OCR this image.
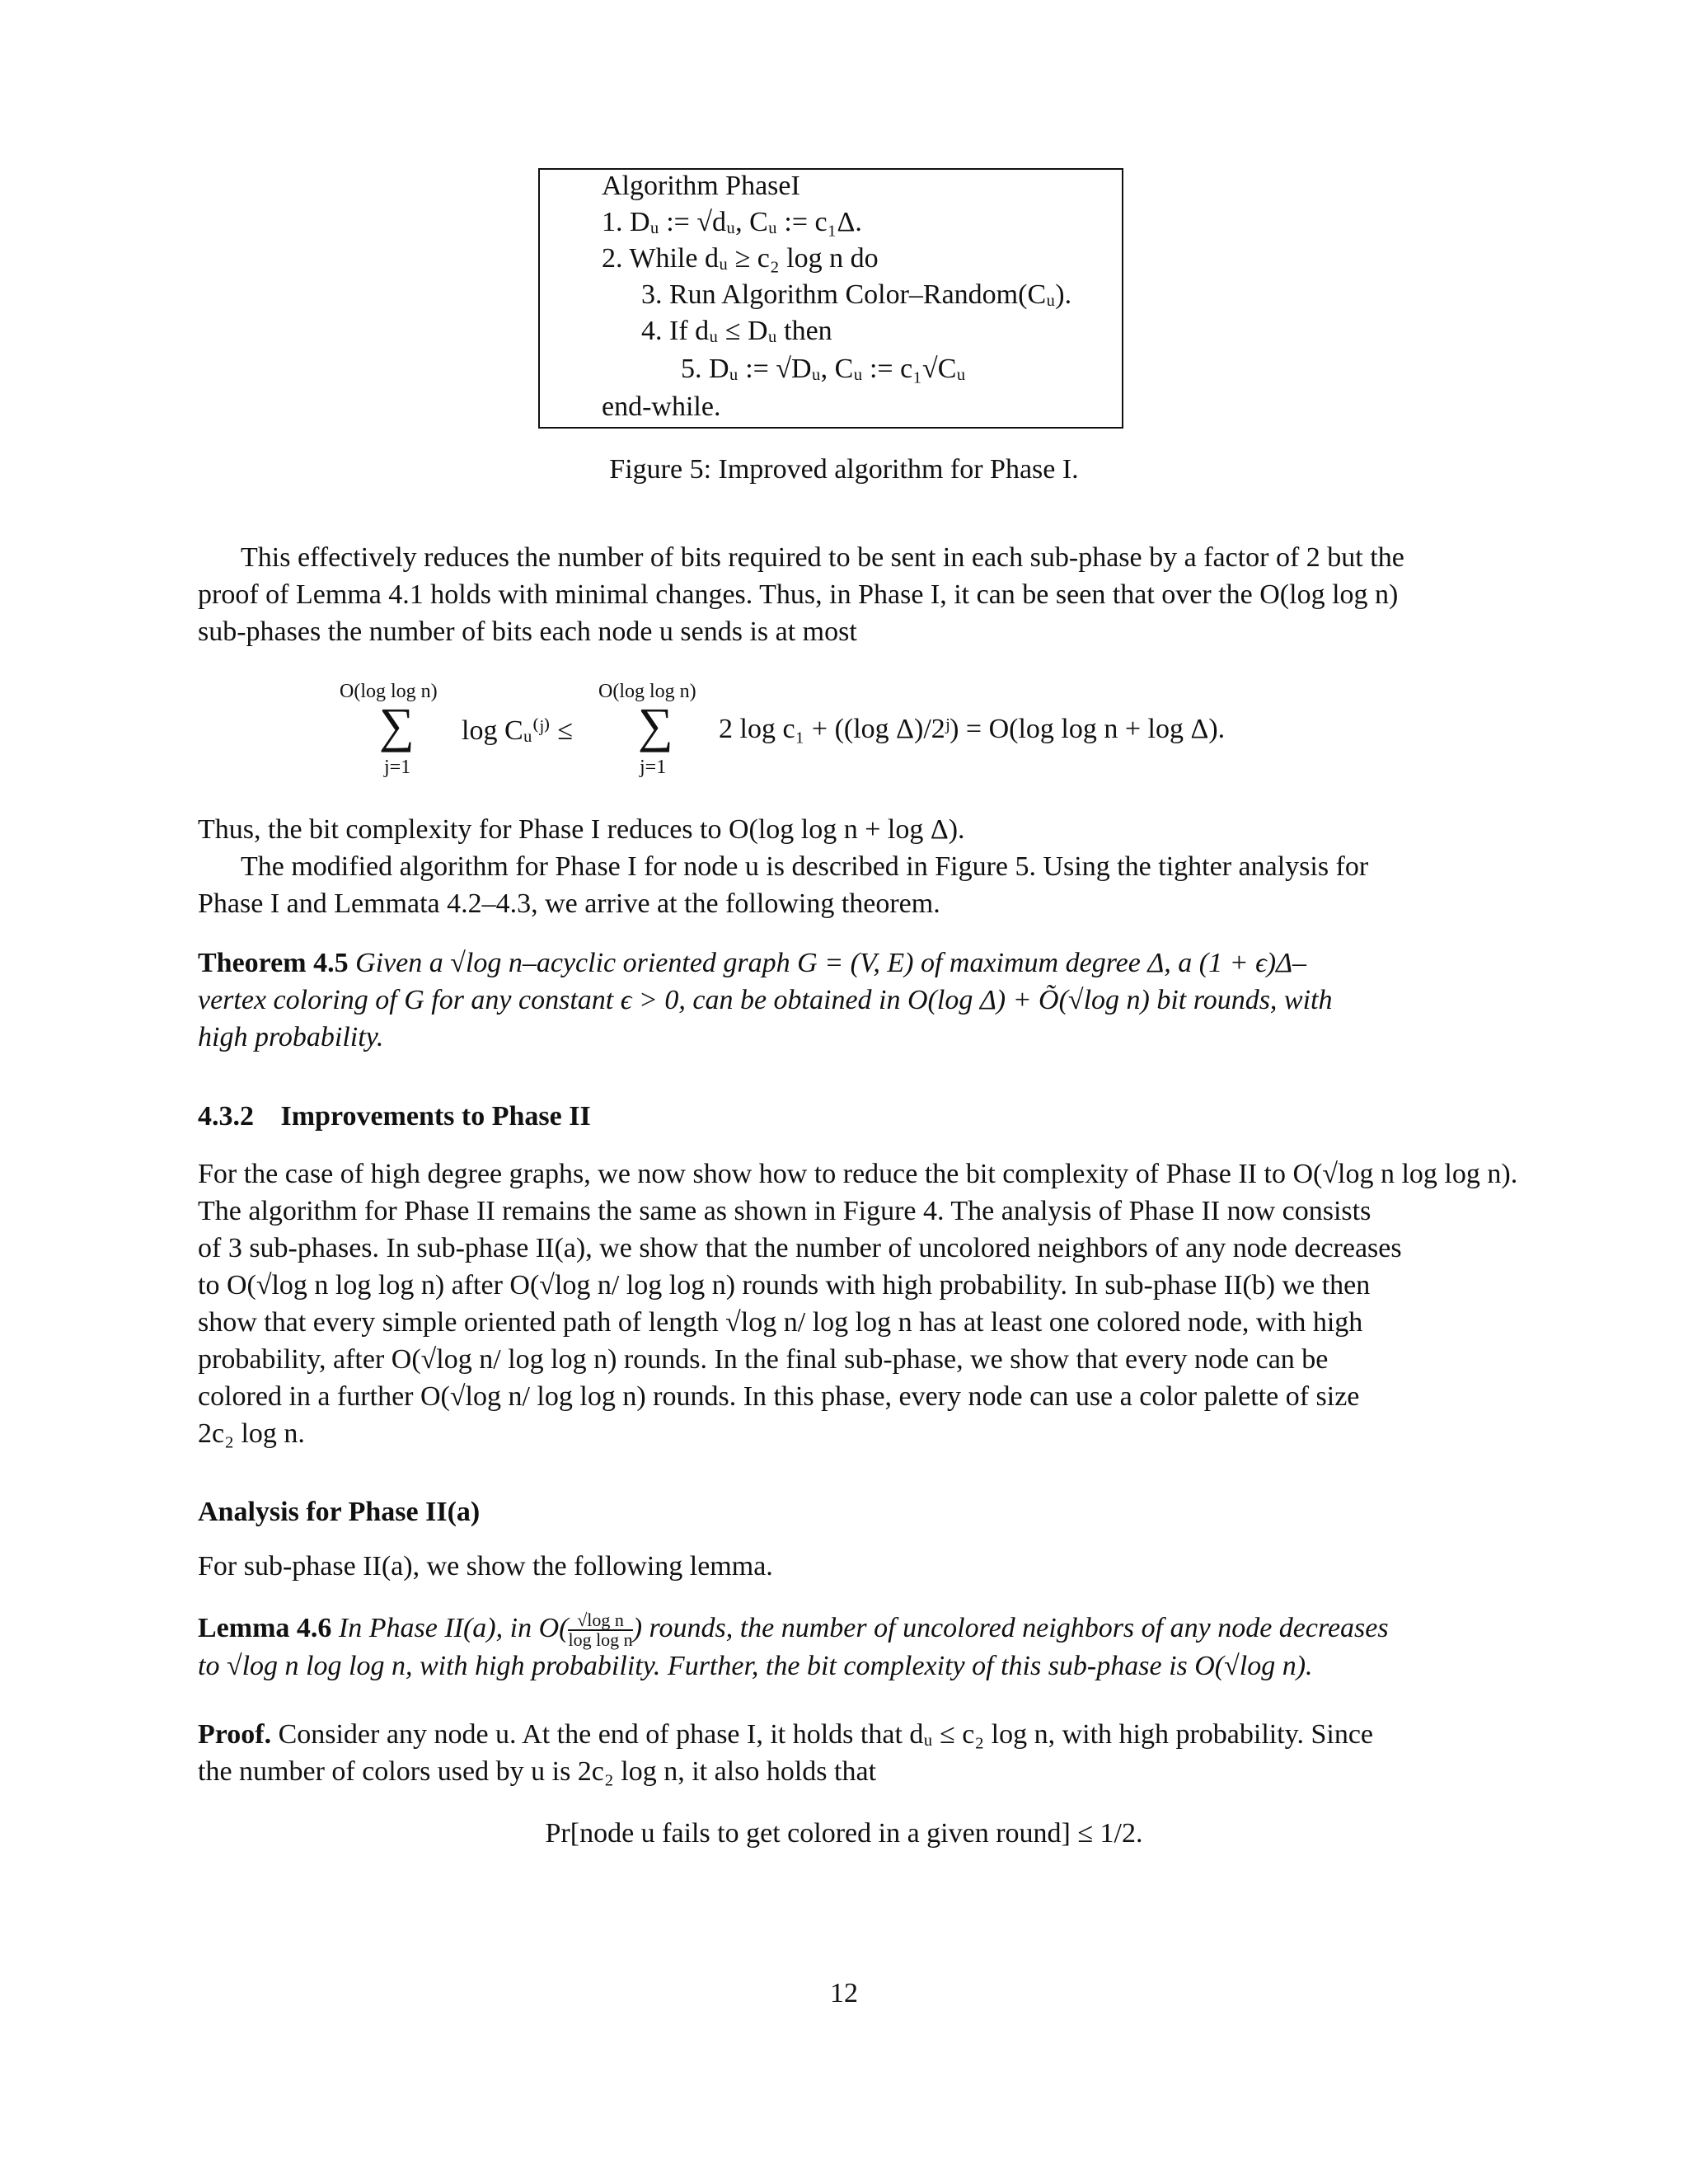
Algorithm PhaseI
1. Dᵤ := √dᵤ, Cᵤ := c₁Δ.
2. While dᵤ ≥ c₂ log n do
3. Run Algorithm Color–Random(Cᵤ).
4. If dᵤ ≤ Dᵤ then
5. Dᵤ := √Dᵤ, Cᵤ := c₁√Cᵤ
end-while.
Figure 5: Improved algorithm for Phase I.
This effectively reduces the number of bits required to be sent in each sub-phase by a factor of 2 but the
proof of Lemma 4.1 holds with minimal changes. Thus, in Phase I, it can be seen that over the O(log log n)
sub-phases the number of bits each node u sends is at most
O(log log n)
∑
j=1
log Cᵤ⁽ʲ⁾ ≤
O(log log n)
∑
j=1
2 log c₁ + ((log Δ)/2ʲ) = O(log log n + log Δ).
Thus, the bit complexity for Phase I reduces to O(log log n + log Δ).
The modified algorithm for Phase I for node u is described in Figure 5. Using the tighter analysis for
Phase I and Lemmata 4.2–4.3, we arrive at the following theorem.
Theorem 4.5 Given a √log n–acyclic oriented graph G = (V, E) of maximum degree Δ, a (1 + ϵ)Δ–
vertex coloring of G for any constant ϵ > 0, can be obtained in O(log Δ) + Õ(√log n) bit rounds, with
high probability.
4.3.2 Improvements to Phase II
For the case of high degree graphs, we now show how to reduce the bit complexity of Phase II to O(√log n log log n).
The algorithm for Phase II remains the same as shown in Figure 4. The analysis of Phase II now consists
of 3 sub-phases. In sub-phase II(a), we show that the number of uncolored neighbors of any node decreases
to O(√log n log log n) after O(√log n/ log log n) rounds with high probability. In sub-phase II(b) we then
show that every simple oriented path of length √log n/ log log n has at least one colored node, with high
probability, after O(√log n/ log log n) rounds. In the final sub-phase, we show that every node can be
colored in a further O(√log n/ log log n) rounds. In this phase, every node can use a color palette of size
2c₂ log n.
Analysis for Phase II(a)
For sub-phase II(a), we show the following lemma.
Lemma 4.6 In Phase II(a), in $O( \frac{\text{√log n}}{\text{log log n}}$ ) rounds, the number of uncolored neighbors of any node decreases
to √log n log log n, with high probability. Further, the bit complexity of this sub-phase is O(√log n).
Proof. Consider any node u. At the end of phase I, it holds that dᵤ ≤ c₂ log n, with high probability. Since
the number of colors used by u is 2c₂ log n, it also holds that
Pr[node u fails to get colored in a given round] ≤ 1/2.
12
